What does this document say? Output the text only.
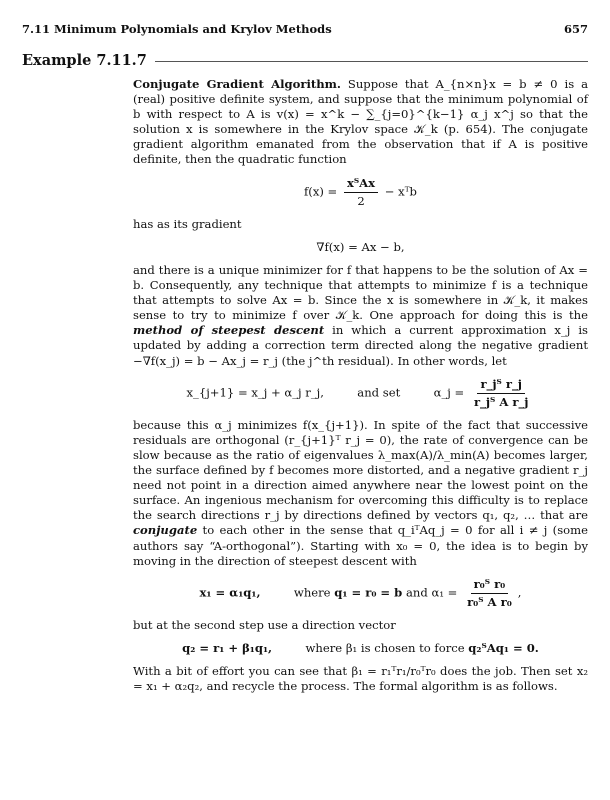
7.11 Minimum Polynomials and Krylov Methods	657
Example 7.11.7

Conjugate Gradient Algorithm. Suppose that A_{n×n}x = b ≠ 0 is a (real) positive definite system, and suppose that the minimum polynomial of b with respect to A is v(x) = x^k − ∑_{j=0}^{k−1} α_j x^j so that the solution x is somewhere in the Krylov space 𝒦_k (p. 654). The conjugate gradient algorithm emanated from the observation that if A is positive definite, then the quadratic function

$f(x) = \frac{\text{xᵀAx}}{2}$ − xᵀb

has as its gradient

∇f(x) = Ax − b,

and there is a unique minimizer for f that happens to be the solution of Ax = b. Consequently, any technique that attempts to minimize f is a technique that attempts to solve Ax = b. Since the x is somewhere in 𝒦_k, it makes sense to try to minimize f over 𝒦_k. One approach for doing this is the method of steepest descent in which a current approximation x_j is updated by adding a correction term directed along the negative gradient −∇f(x_j) = b − Ax_j = r_j (the j^th residual). In other words, let

x_{j+1} = x_j + α_j r_j,	and set	α_j = $\frac{\text{r\_jᵀ r\_j}}{\text{r\_jᵀ A r\_j}}$

because this α_j minimizes f(x_{j+1}). In spite of the fact that successive residuals are orthogonal (r_{j+1}ᵀ r_j = 0), the rate of convergence can be slow because as the ratio of eigenvalues λ_max(A)/λ_min(A) becomes larger, the surface defined by f becomes more distorted, and a negative gradient r_j need not point in a direction aimed anywhere near the lowest point on the surface. An ingenious mechanism for overcoming this difficulty is to replace the search directions r_j by directions defined by vectors q₁, q₂, … that are conjugate to each other in the sense that q_iᵀAq_j = 0 for all i ≠ j (some authors say “A-orthogonal”). Starting with x₀ = 0, the idea is to begin by moving in the direction of steepest descent with

x₁ = α₁q₁,	where q₁ = r₀ = b and $\alpha_1 = \frac{\text{r₀ᵀ r₀}}{\text{r₀ᵀ A r₀}}$ ,

but at the second step use a direction vector

q₂ = r₁ + β₁q₁,	where β₁ is chosen to force q₂ᵀAq₁ = 0.

With a bit of effort you can see that β₁ = r₁ᵀr₁/r₀ᵀr₀ does the job. Then set x₂ = x₁ + α₂q₂, and recycle the process. The formal algorithm is as follows.
